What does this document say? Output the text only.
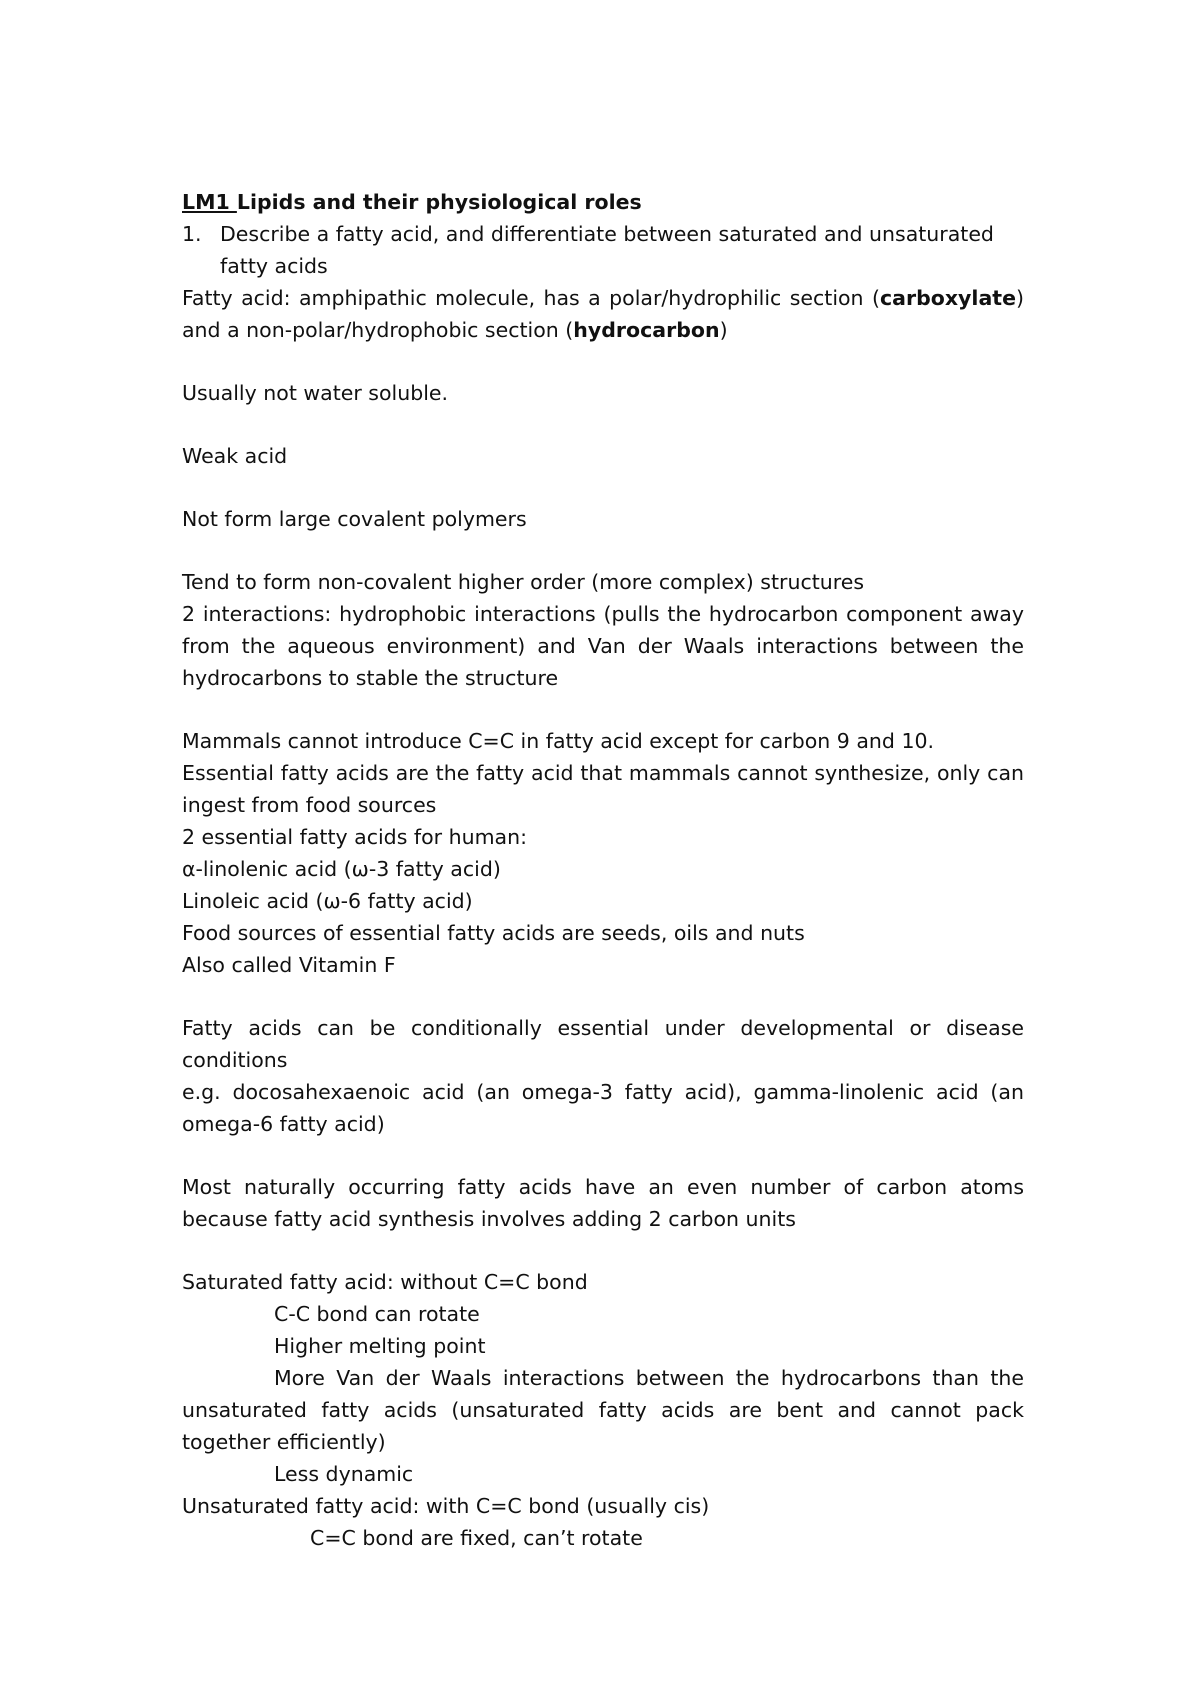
LM1 Lipids and their physiological roles

1. Describe a fatty acid, and differentiate between saturated and unsaturated
fatty acids

Fatty acid: amphipathic molecule, has a polar/hydrophilic section (carboxylate) and a non-polar/hydrophobic section (hydrocarbon)

Usually not water soluble.

Weak acid

Not form large covalent polymers

Tend to form non-covalent higher order (more complex) structures

2 interactions: hydrophobic interactions (pulls the hydrocarbon component away from the aqueous environment) and Van der Waals interactions between the hydrocarbons to stable the structure

Mammals cannot introduce C=C in fatty acid except for carbon 9 and 10.

Essential fatty acids are the fatty acid that mammals cannot synthesize, only can ingest from food sources

2 essential fatty acids for human:

α-linolenic acid (ω-3 fatty acid)

Linoleic acid (ω-6 fatty acid)

Food sources of essential fatty acids are seeds, oils and nuts

Also called Vitamin F

Fatty acids can be conditionally essential under developmental or disease conditions

e.g. docosahexaenoic acid (an omega-3 fatty acid), gamma-linolenic acid (an omega-6 fatty acid)

Most naturally occurring fatty acids have an even number of carbon atoms because fatty acid synthesis involves adding 2 carbon units

Saturated fatty acid: without C=C bond

C-C bond can rotate

Higher melting point

More Van der Waals interactions between the hydrocarbons than the

unsaturated fatty acids (unsaturated fatty acids are bent and cannot pack together efficiently)

Less dynamic

Unsaturated fatty acid: with C=C bond (usually cis)

C=C bond are fixed, can’t rotate
